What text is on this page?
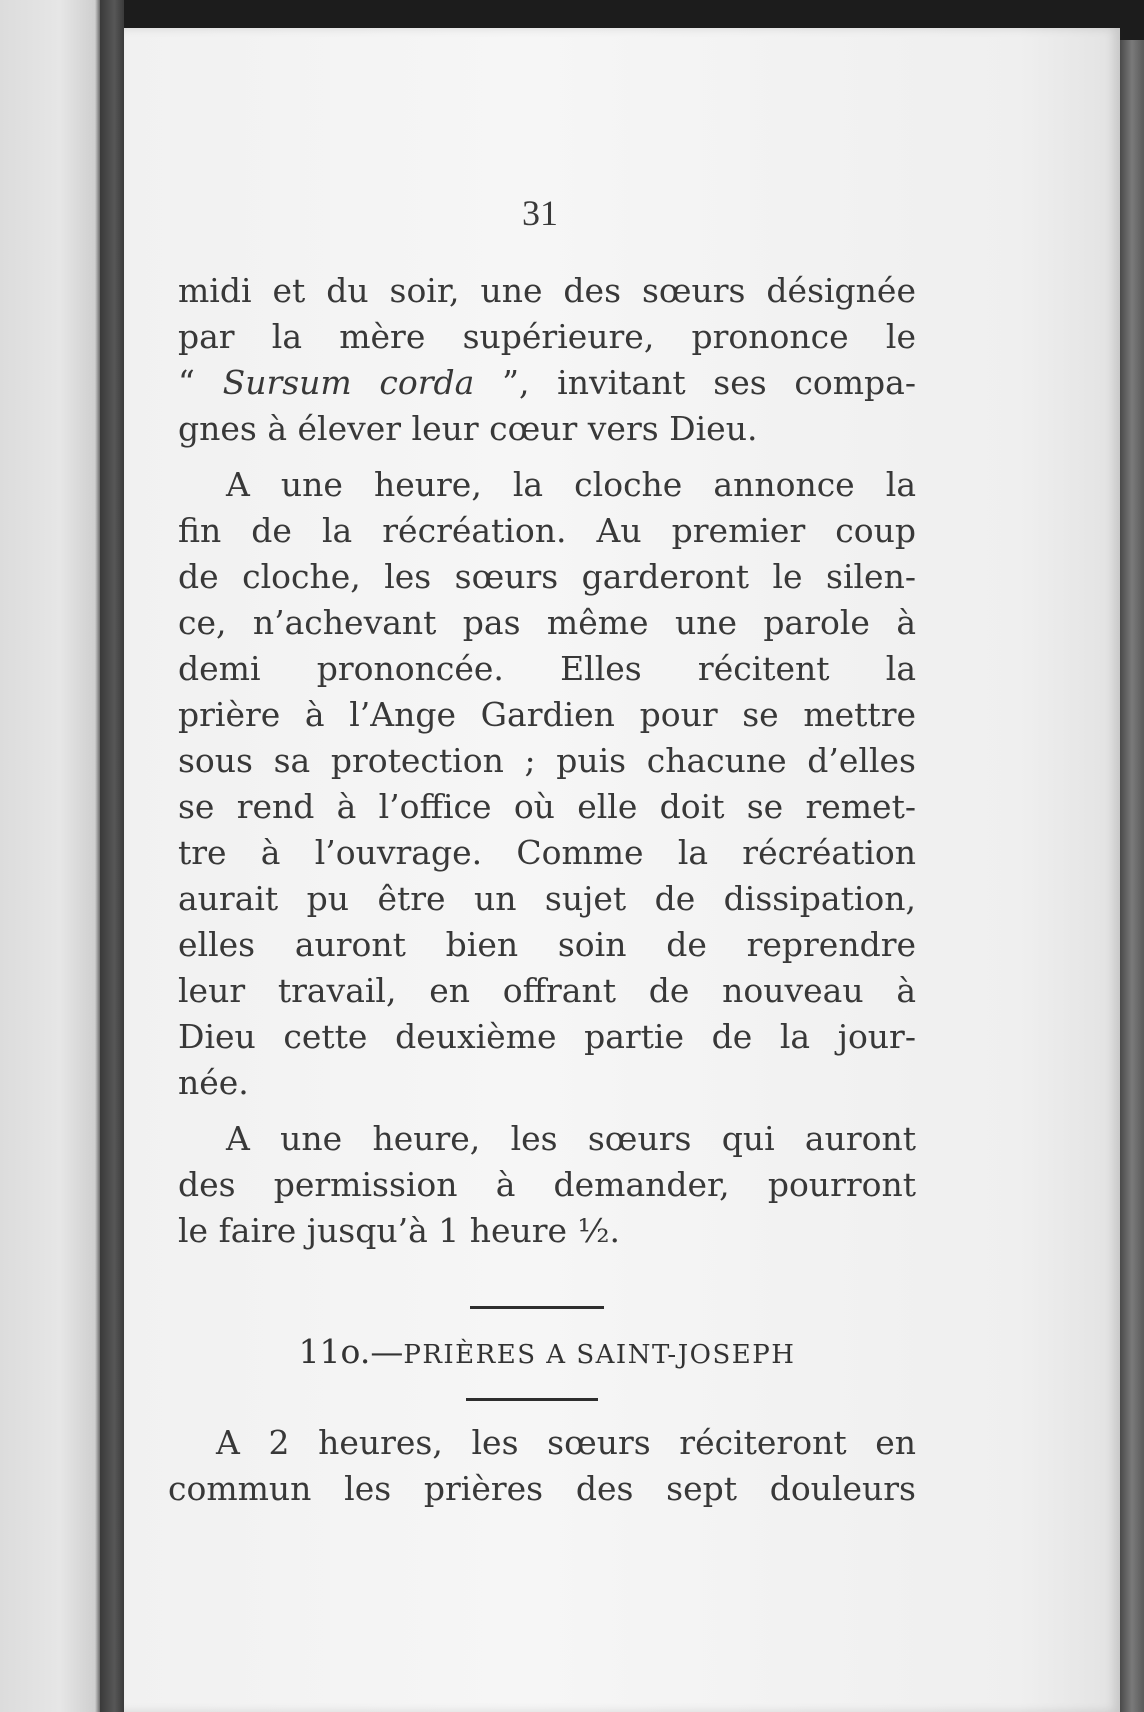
31

midi et du soir, une des sœurs désignée
par la mère supérieure, prononce le
“ Sursum corda ”, invitant ses compa-
gnes à élever leur cœur vers Dieu.

A une heure, la cloche annonce la
fin de la récréation. Au premier coup
de cloche, les sœurs garderont le silen-
ce, n’achevant pas même une parole à
demi prononcée. Elles récitent la
prière à l’Ange Gardien pour se mettre
sous sa protection ; puis chacune d’elles
se rend à l’office où elle doit se remet-
tre à l’ouvrage. Comme la récréation
aurait pu être un sujet de dissipation,
elles auront bien soin de reprendre
leur travail, en offrant de nouveau à
Dieu cette deuxième partie de la jour-
née.

A une heure, les sœurs qui auront
des permission à demander, pourront
le faire jusqu’à 1 heure ½.

11o.—PRIÈRES A SAINT-JOSEPH

A 2 heures, les sœurs réciteront en
commun les prières des sept douleurs
